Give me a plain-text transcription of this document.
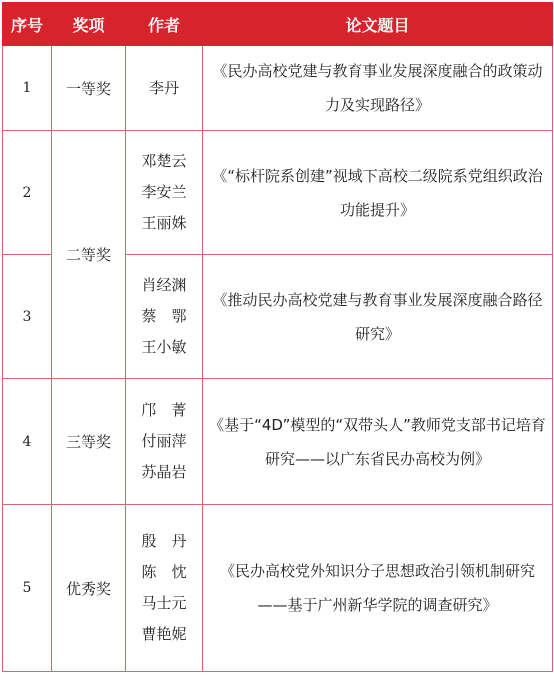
序号	奖项	作者	论文题目
1	一等奖	李丹	《民办高校党建与教育事业发展深度融合的政策动力及实现路径》
2	二等奖	邓楚云
李安兰
王丽姝	《“标杆院系创建”视域下高校二级院系党组织政治功能提升》
3		肖经渊
蔡　鄂
王小敏	《推动民办高校党建与教育事业发展深度融合路径研究》
4	三等奖	邝　菁
付丽萍
苏晶岩	《基于“4D”模型的“双带头人”教师党支部书记培育研究——以广东省民办高校为例》
5	优秀奖	殷　丹
陈　忱
马士元
曹艳妮	《民办高校党外知识分子思想政治引领机制研究——基于广州新华学院的调查研究》
